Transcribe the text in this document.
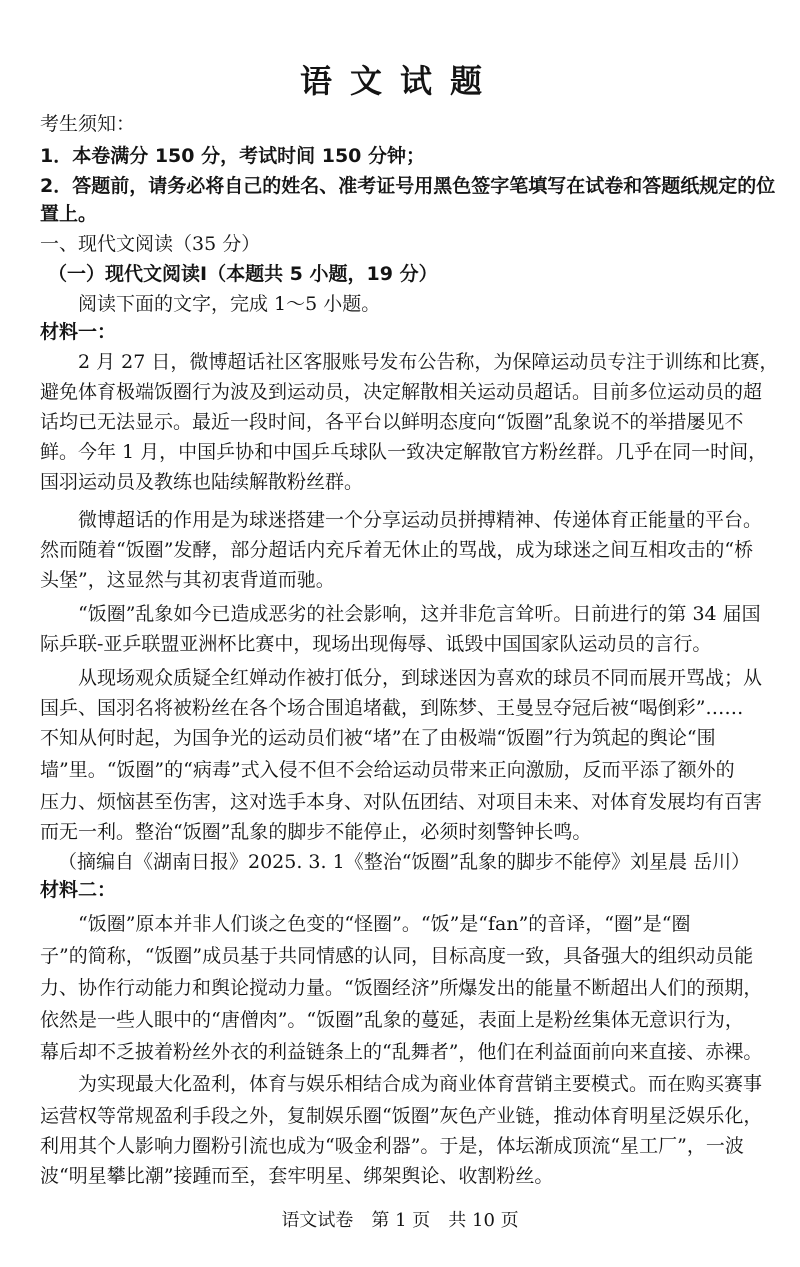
语文试题
考生须知：
1．本卷满分 150 分，考试时间 150 分钟；
2．答题前，请务必将自己的姓名、准考证号用黑色签字笔填写在试卷和答题纸规定的位
置上。
一、现代文阅读（35 分）
（一）现代文阅读Ⅰ（本题共 5 小题，19 分）
阅读下面的文字，完成 1～5 小题。
材料一：
2 月 27 日，微博超话社区客服账号发布公告称，为保障运动员专注于训练和比赛，
避免体育极端饭圈行为波及到运动员，决定解散相关运动员超话。目前多位运动员的超
话均已无法显示。最近一段时间，各平台以鲜明态度向“饭圈”乱象说不的举措屡见不
鲜。今年 1 月，中国乒协和中国乒乓球队一致决定解散官方粉丝群。几乎在同一时间，
国羽运动员及教练也陆续解散粉丝群。
微博超话的作用是为球迷搭建一个分享运动员拼搏精神、传递体育正能量的平台。
然而随着“饭圈”发酵，部分超话内充斥着无休止的骂战，成为球迷之间互相攻击的“桥
头堡”，这显然与其初衷背道而驰。
“饭圈”乱象如今已造成恶劣的社会影响，这并非危言耸听。日前进行的第 34 届国
际乒联-亚乒联盟亚洲杯比赛中，现场出现侮辱、诋毁中国国家队运动员的言行。
从现场观众质疑全红婵动作被打低分，到球迷因为喜欢的球员不同而展开骂战；从
国乒、国羽名将被粉丝在各个场合围追堵截，到陈梦、王曼昱夺冠后被“喝倒彩”……
不知从何时起，为国争光的运动员们被“堵”在了由极端“饭圈”行为筑起的舆论“围
墙”里。“饭圈”的“病毒”式入侵不但不会给运动员带来正向激励，反而平添了额外的
压力、烦恼甚至伤害，这对选手本身、对队伍团结、对项目未来、对体育发展均有百害
而无一利。整治“饭圈”乱象的脚步不能停止，必须时刻警钟长鸣。
（摘编自《湖南日报》2025. 3. 1《整治“饭圈”乱象的脚步不能停》刘星晨 岳川）
材料二：
“饭圈”原本并非人们谈之色变的“怪圈”。“饭”是“fan”的音译，“圈”是“圈
子”的简称，“饭圈”成员基于共同情感的认同，目标高度一致，具备强大的组织动员能
力、协作行动能力和舆论搅动力量。“饭圈经济”所爆发出的能量不断超出人们的预期，
依然是一些人眼中的“唐僧肉”。“饭圈”乱象的蔓延，表面上是粉丝集体无意识行为，
幕后却不乏披着粉丝外衣的利益链条上的“乱舞者”，他们在利益面前向来直接、赤裸。
为实现最大化盈利，体育与娱乐相结合成为商业体育营销主要模式。而在购买赛事
运营权等常规盈利手段之外，复制娱乐圈“饭圈”灰色产业链，推动体育明星泛娱乐化，
利用其个人影响力圈粉引流也成为“吸金利器”。于是，体坛渐成顶流“星工厂”，一波
波“明星攀比潮”接踵而至，套牢明星、绑架舆论、收割粉丝。
语文试卷　第 1 页　共 10 页
